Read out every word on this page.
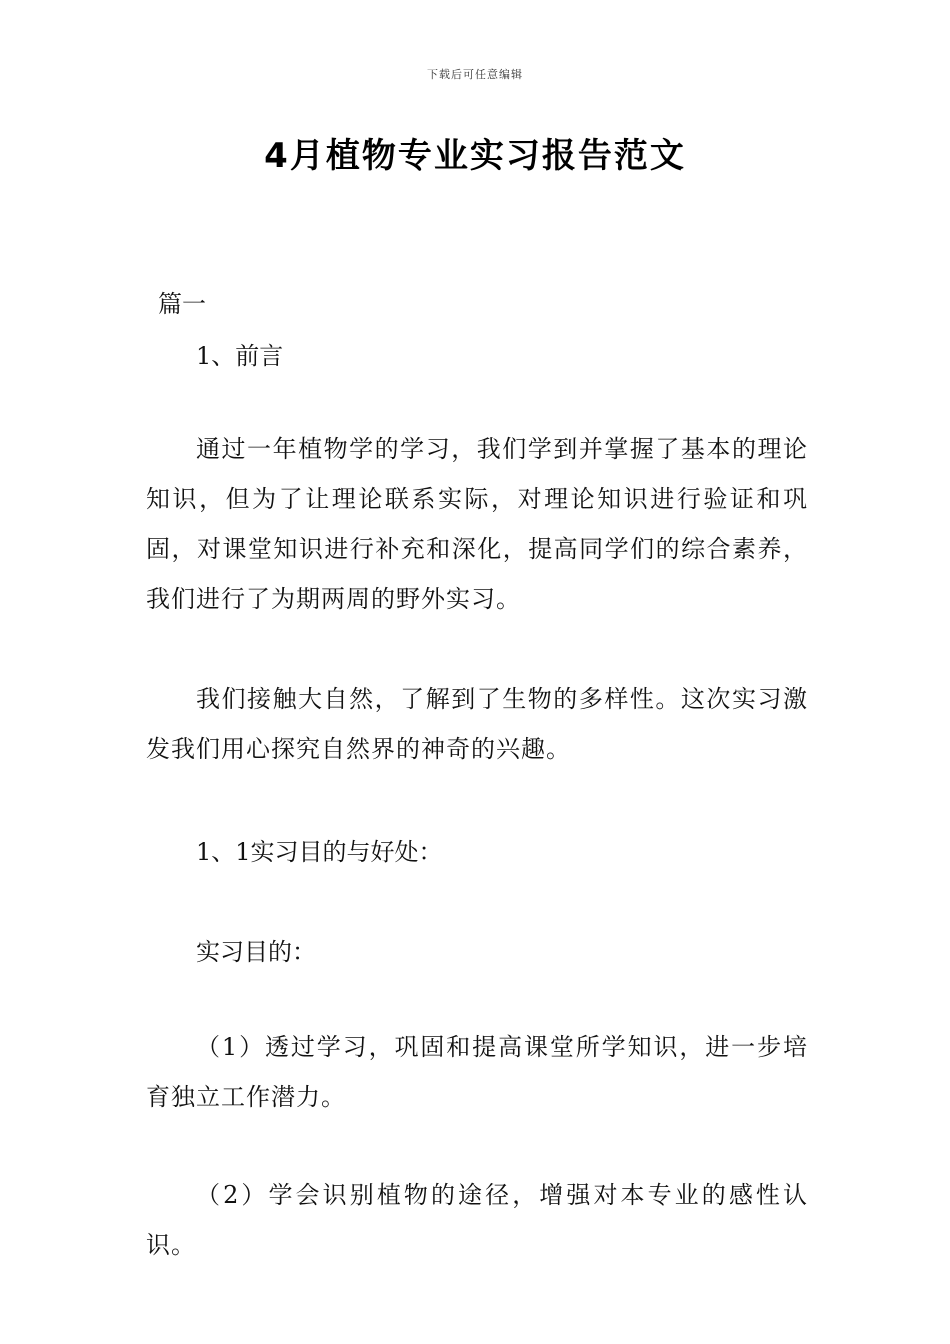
下载后可任意编辑
4月植物专业实习报告范文
篇一
1、前言
通过一年植物学的学习，我们学到并掌握了基本的理论知识，但为了让理论联系实际，对理论知识进行验证和巩固，对课堂知识进行补充和深化，提高同学们的综合素养，我们进行了为期两周的野外实习。
我们接触大自然，了解到了生物的多样性。这次实习激发我们用心探究自然界的神奇的兴趣。
1、1实习目的与好处：
实习目的：
（1）透过学习，巩固和提高课堂所学知识，进一步培育独立工作潜力。
（2）学会识别植物的途径，增强对本专业的感性认识。
